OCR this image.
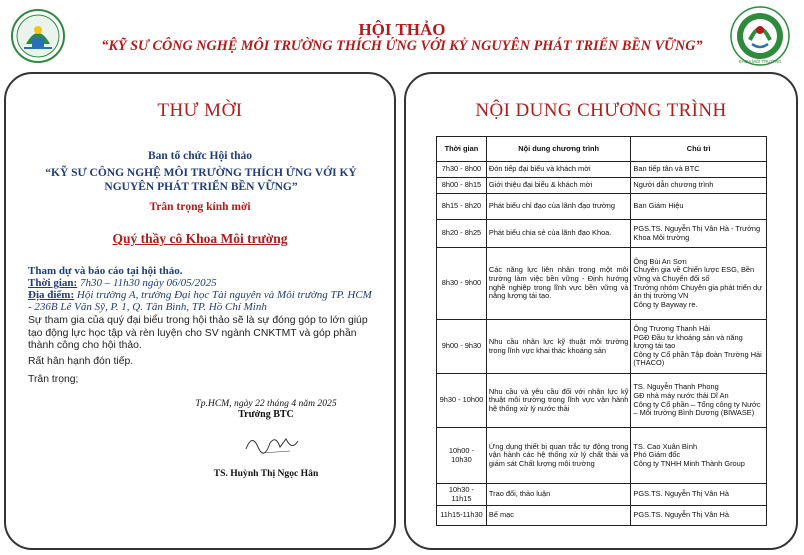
HỘI THẢO
“KỸ SƯ CÔNG NGHỆ MÔI TRƯỜNG THÍCH ỨNG VỚI KỶ NGUYÊN PHÁT TRIỂN BỀN VỮNG”
KHOA MÔI TRƯỜNG
THƯ MỜI
Ban tổ chức Hội thảo
“KỸ SƯ CÔNG NGHỆ MÔI TRƯỜNG THÍCH ỨNG VỚI KỶ NGUYÊN PHÁT TRIỂN BỀN VỮNG”
Trân trọng kính mời
Quý thầy cô Khoa Môi trường
Tham dự và báo cáo tại hội thảo.
Thời gian: 7h30 – 11h30 ngày 06/05/2025
Địa điểm: Hội trường A, trường Đại học Tài nguyên và Môi trường TP. HCM - 236B Lê Văn Sỹ, P. 1, Q. Tân Bình, TP. Hồ Chí Minh
Sự tham gia của quý đại biểu trong hội thảo sẽ là sự đóng góp to lớn giúp tạo động lực học tập và rèn luyện cho SV ngành CNKTMT và góp phần thành công cho hội thảo.
Rất hân hạnh đón tiếp.
Trân trọng;
Tp.HCM, ngày 22 tháng 4 năm 2025
Trưởng BTC
TS. Huỳnh Thị Ngọc Hân
NỘI DUNG CHƯƠNG TRÌNH
Thời gian	Nội dung chương trình	Chủ trì
7h30 - 8h00	Đón tiếp đại biểu và khách mời	Ban tiếp tân và BTC
8h00 - 8h15	Giới thiệu đại biểu & khách mời	Người dẫn chương trình
8h15 - 8h20	Phát biểu chỉ đạo của lãnh đạo trường	Ban Giám Hiệu
8h20 - 8h25	Phát biểu chia sẻ của lãnh đạo Khoa.	PGS.TS. Nguyễn Thị Vân Hà - Trưởng Khoa Môi trường
8h30 - 9h00	Các năng lực liên nhân trong một môi trường làm việc bền vững - Định hướng nghề nghiệp trong lĩnh vực bền vững và năng lượng tái tạo.	Ông Bùi An Sơn
Chuyên gia về Chiến lược ESG, Bền vững và Chuyển đổi số
Trưởng nhóm Chuyên gia phát triển dự án thị trường VN
Công ty Bayway re.
9h00 - 9h30	Nhu cầu nhân lực kỹ thuật môi trường trong lĩnh vực khai thác khoáng sản	Ông Trương Thanh Hải
PGĐ Đầu tư khoáng sản và năng lượng tái tạo
Công ty Cổ phần Tập đoàn Trường Hải (THACO)
9h30 - 10h00	Nhu cầu và yêu cầu đối với nhân lực kỹ thuật môi trường trong lĩnh vực vận hành hệ thống xử lý nước thải	TS. Nguyễn Thanh Phong
GĐ nhà máy nước thải Dĩ An
Công ty Cổ phần – Tổng công ty Nước – Môi trường Bình Dương (BIWASE)
10h00 - 10h30	Ứng dụng thiết bị quan trắc tự động trong vận hành các hệ thống xử lý chất thải và giám sát Chất lượng môi trường	TS. Cao Xuân Bình
Phó Giám đốc
Công ty TNHH Minh Thành Group
10h30 - 11h15	Trao đổi, thảo luận	PGS.TS. Nguyễn Thị Vân Hà
11h15-11h30	Bế mạc	PGS.TS. Nguyễn Thị Vân Hà
